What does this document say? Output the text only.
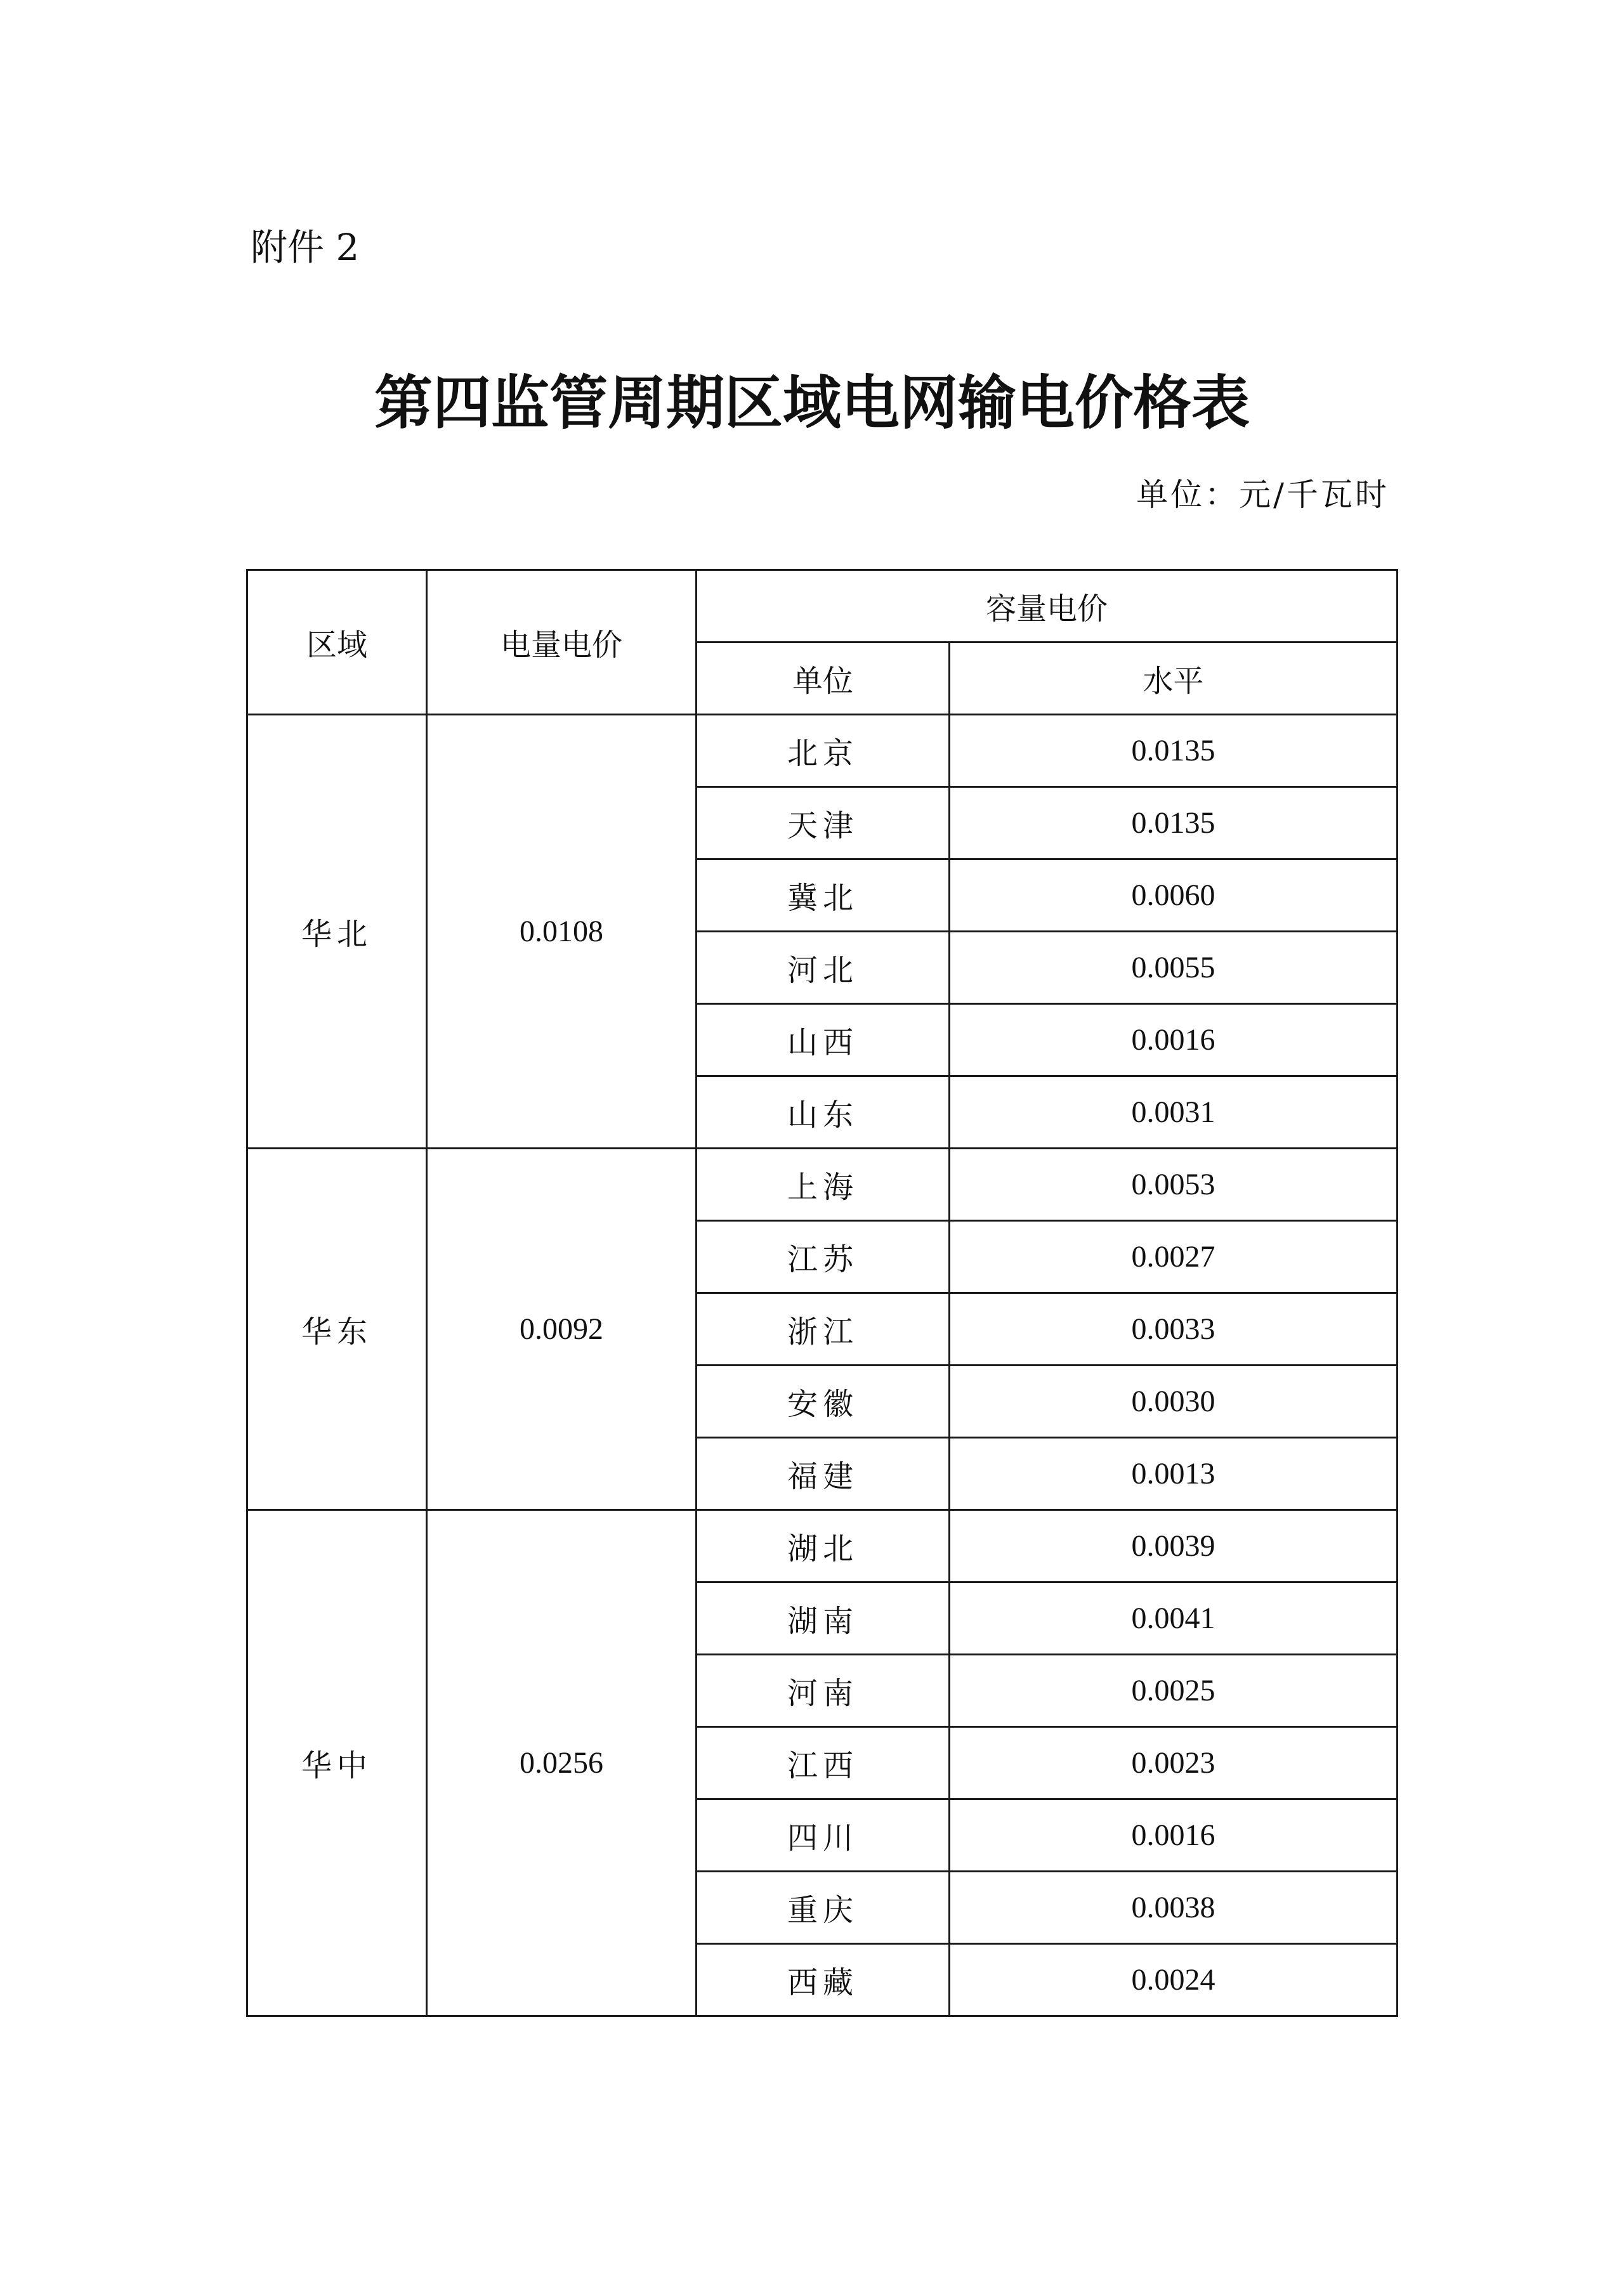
附件 2
第四监管周期区域电网输电价格表
单位：元/千瓦时
区域	电量电价	容量电价	
		单位	水平
华北	0.0108	北京	0.0135
		天津	0.0135
		冀北	0.0060
		河北	0.0055
		山西	0.0016
		山东	0.0031
华东	0.0092	上海	0.0053
		江苏	0.0027
		浙江	0.0033
		安徽	0.0030
		福建	0.0013
华中	0.0256	湖北	0.0039
		湖南	0.0041
		河南	0.0025
		江西	0.0023
		四川	0.0016
		重庆	0.0038
		西藏	0.0024
